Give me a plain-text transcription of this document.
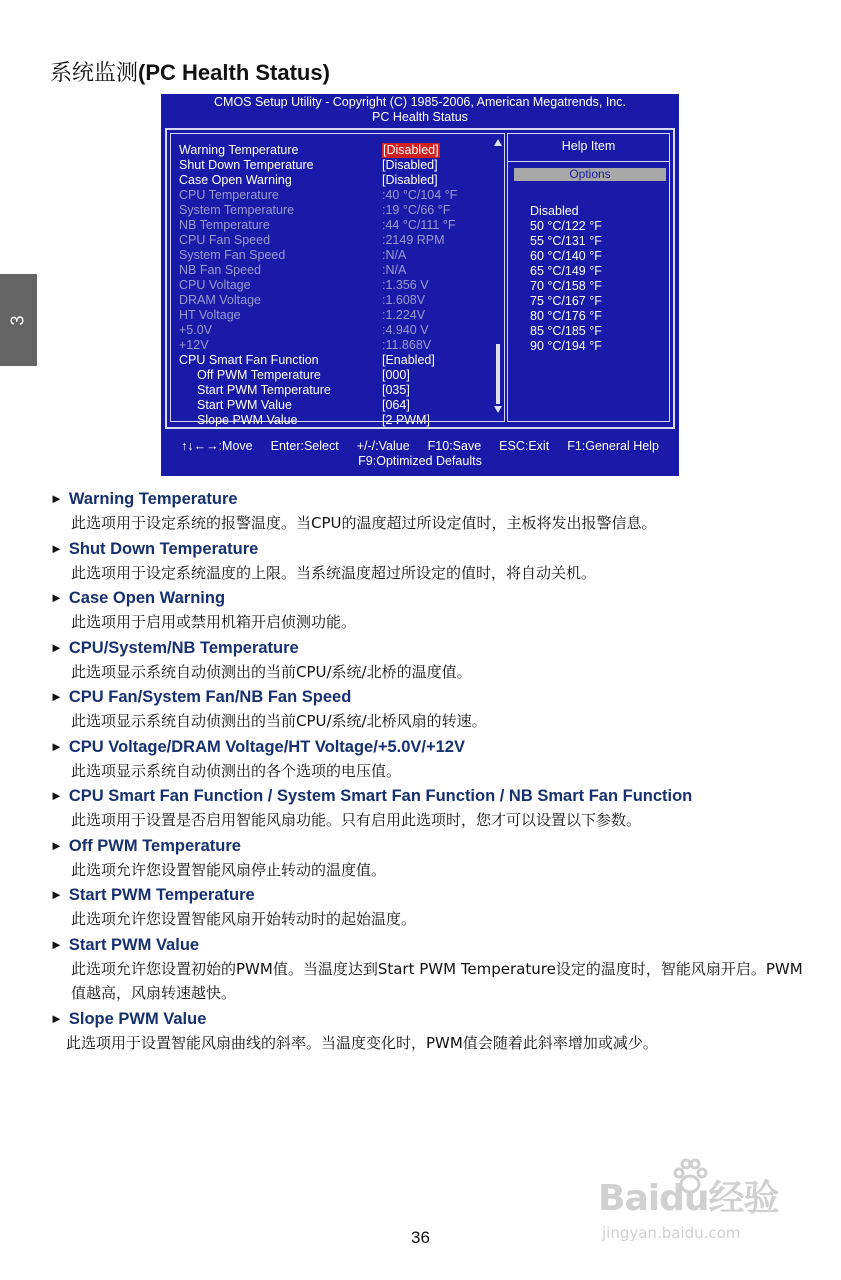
系统监测(PC Health Status)
3
CMOS Setup Utility - Copyright (C) 1985-2006, American Megatrends, Inc.
PC Health Status
Warning Temperature	[Disabled]
Shut Down Temperature	[Disabled]
Case Open Warning	[Disabled]
CPU Temperature	:40 °C/104 °F
System Temperature	:19 °C/66 °F
NB Temperature	:44 °C/111 °F
CPU Fan Speed	:2149 RPM
System Fan Speed	:N/A
NB Fan Speed	:N/A
CPU Voltage	:1.356 V
DRAM Voltage	:1.608V
HT Voltage	:1.224V
+5.0V	:4.940 V
+12V	:11.868V
CPU Smart Fan Function	[Enabled]
Off PWM Temperature	[000]
Start PWM Temperature	[035]
Start PWM Value	[064]
Slope PWM Value	[2 PWM]
Help Item
Options
Disabled
50 °C/122 °F
55 °C/131 °F
60 °C/140 °F
65 °C/149 °F
70 °C/158 °F
75 °C/167 °F
80 °C/176 °F
85 °C/185 °F
90 °C/194 °F
↑↓←→:Move Enter:Select +/-/:Value F10:Save ESC:Exit F1:General Help
F9:Optimized Defaults
► Warning Temperature

此选项用于设定系统的报警温度。当CPU的温度超过所设定值时，主板将发出报警信息。

► Shut Down Temperature

此选项用于设定系统温度的上限。当系统温度超过所设定的值时，将自动关机。

► Case Open Warning

此选项用于启用或禁用机箱开启侦测功能。

► CPU/System/NB Temperature

此选项显示系统自动侦测出的当前CPU/系统/北桥的温度值。

► CPU Fan/System Fan/NB Fan Speed

此选项显示系统自动侦测出的当前CPU/系统/北桥风扇的转速。

► CPU Voltage/DRAM Voltage/HT Voltage/+5.0V/+12V

此选项显示系统自动侦测出的各个选项的电压值。

► CPU Smart Fan Function / System Smart Fan Function / NB Smart Fan Function

此选项用于设置是否启用智能风扇功能。只有启用此选项时，您才可以设置以下参数。

► Off PWM Temperature

此选项允许您设置智能风扇停止转动的温度值。

► Start PWM Temperature

此选项允许您设置智能风扇开始转动时的起始温度。

► Start PWM Value

此选项允许您设置初始的PWM值。当温度达到Start PWM Temperature设定的温度时，智能风扇开启。PWM值越高，风扇转速越快。

► Slope PWM Value

此选项用于设置智能风扇曲线的斜率。当温度变化时，PWM值会随着此斜率增加或减少。

Baidu经验
jingyan.baidu.com
36
